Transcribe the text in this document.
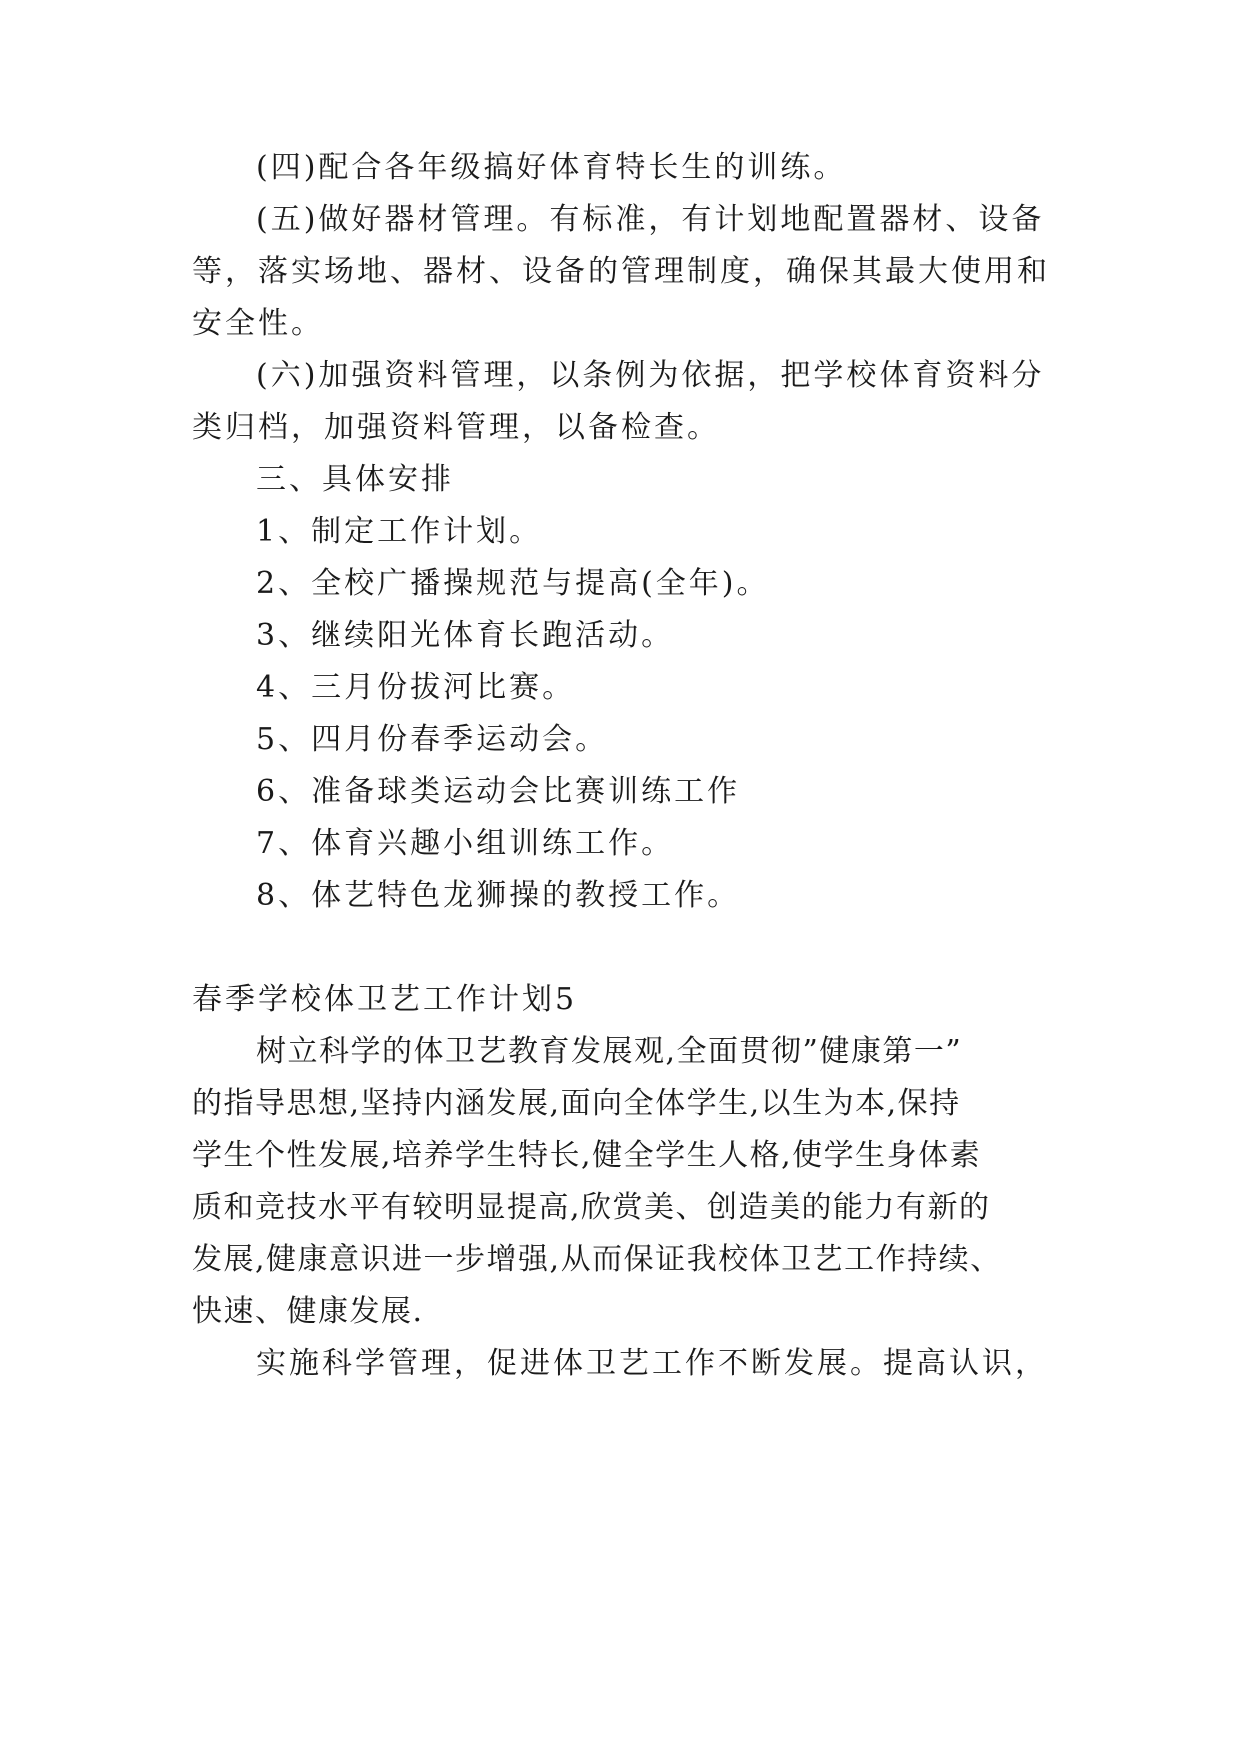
(四)配合各年级搞好体育特长生的训练。

(五)做好器材管理。有标准，有计划地配置器材、设备

等，落实场地、器材、设备的管理制度，确保其最大使用和

安全性。

(六)加强资料管理，以条例为依据，把学校体育资料分

类归档，加强资料管理，以备检查。

三、具体安排

1、制定工作计划。

2、全校广播操规范与提高(全年)。

3、继续阳光体育长跑活动。

4、三月份拔河比赛。

5、四月份春季运动会。

6、准备球类运动会比赛训练工作

7、体育兴趣小组训练工作。

8、体艺特色龙狮操的教授工作。

春季学校体卫艺工作计划5

树立科学的体卫艺教育发展观,全面贯彻”健康第一”

的指导思想,坚持内涵发展,面向全体学生,以生为本,保持

学生个性发展,培养学生特长,健全学生人格,使学生身体素

质和竞技水平有较明显提高,欣赏美、创造美的能力有新的

发展,健康意识进一步增强,从而保证我校体卫艺工作持续、

快速、健康发展.

实施科学管理，促进体卫艺工作不断发展。提高认识，
